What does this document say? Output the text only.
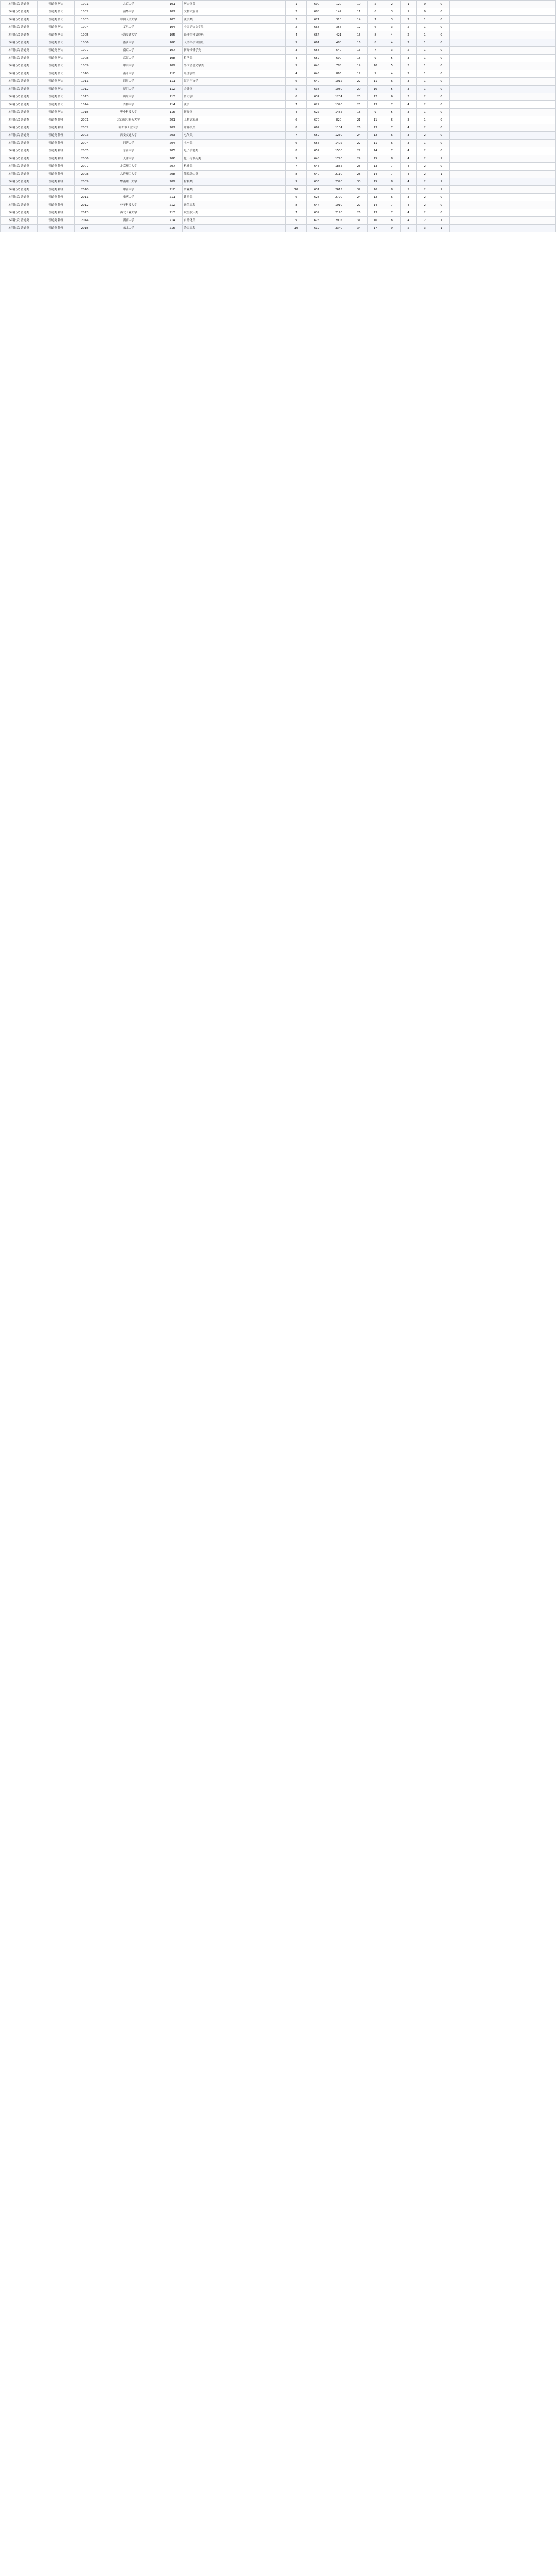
本科批次 普通类	普通类 历史	1001	北京大学	101	历史学类	1	690	120	10	5	2	1	0	0	
本科批次 普通类	普通类 历史	1002	清华大学	102	文科试验班	2	688	142	11	6	3	1	0	0	
本科批次 普通类	普通类 历史	1003	中国人民大学	103	法学类	3	671	310	14	7	3	2	1	0	
本科批次 普通类	普通类 历史	1004	复旦大学	104	中国语言文学类	2	668	356	12	6	3	2	1	0	
本科批次 普通类	普通类 历史	1005	上海交通大学	105	经济管理试验班	4	664	421	15	8	4	2	1	0	
本科批次 普通类	普通类 历史	1006	浙江大学	106	人文科学试验班	5	661	480	16	8	4	2	1	0	
本科批次 普通类	普通类 历史	1007	南京大学	107	新闻传播学类	3	658	540	13	7	3	2	1	0	
本科批次 普通类	普通类 历史	1008	武汉大学	108	哲学类	4	652	690	18	9	5	3	1	0	
本科批次 普通类	普通类 历史	1009	中山大学	109	外国语言文学类	5	648	788	19	10	5	3	1	0	
本科批次 普通类	普通类 历史	1010	南开大学	110	经济学类	4	645	866	17	9	4	2	1	0	
本科批次 普通类	普通类 历史	1011	四川大学	111	汉语言文学	6	640	1012	22	11	6	3	1	0	
本科批次 普通类	普通类 历史	1012	厦门大学	112	会计学	5	638	1080	20	10	5	3	1	0	
本科批次 普通类	普通类 历史	1013	山东大学	113	历史学	6	634	1204	23	12	6	3	2	0	
本科批次 普通类	普通类 历史	1014	吉林大学	114	法学	7	629	1390	25	13	7	4	2	0	
本科批次 普通类	普通类 历史	1015	华中科技大学	115	新闻学	4	627	1455	18	9	5	3	1	0	
本科批次 普通类	普通类 物理	2001	北京航空航天大学	201	工科试验班	6	670	820	21	11	6	3	1	0	
本科批次 普通类	普通类 物理	2002	哈尔滨工业大学	202	计算机类	8	662	1104	26	13	7	4	2	0	
本科批次 普通类	普通类 物理	2003	西安交通大学	203	电气类	7	659	1230	24	12	6	3	2	0	
本科批次 普通类	普通类 物理	2004	同济大学	204	土木类	6	655	1402	22	11	6	3	1	0	
本科批次 普通类	普通类 物理	2005	东南大学	205	电子信息类	8	652	1530	27	14	7	4	2	0	
本科批次 普通类	普通类 物理	2006	天津大学	206	化工与制药类	9	648	1720	29	15	8	4	2	1	
本科批次 普通类	普通类 物理	2007	北京理工大学	207	机械类	7	645	1855	25	13	7	4	2	0	
本科批次 普通类	普通类 物理	2008	大连理工大学	208	能源动力类	8	640	2110	28	14	7	4	2	1	
本科批次 普通类	普通类 物理	2009	华南理工大学	209	材料类	9	636	2320	30	15	8	4	2	1	
本科批次 普通类	普通类 物理	2010	中南大学	210	矿业类	10	631	2615	32	16	8	5	2	1	
本科批次 普通类	普通类 物理	2011	重庆大学	211	建筑类	6	628	2790	24	12	6	3	2	0	
本科批次 普通类	普通类 物理	2012	电子科技大学	212	通信工程	8	644	1910	27	14	7	4	2	0	
本科批次 普通类	普通类 物理	2013	西北工业大学	213	航空航天类	7	639	2170	26	13	7	4	2	0	
本科批次 普通类	普通类 物理	2014	湖南大学	214	自动化类	9	626	2905	31	16	8	4	2	1	
本科批次 普通类	普通类 物理	2015	东北大学	215	冶金工程	10	619	3340	34	17	9	5	3	1	
